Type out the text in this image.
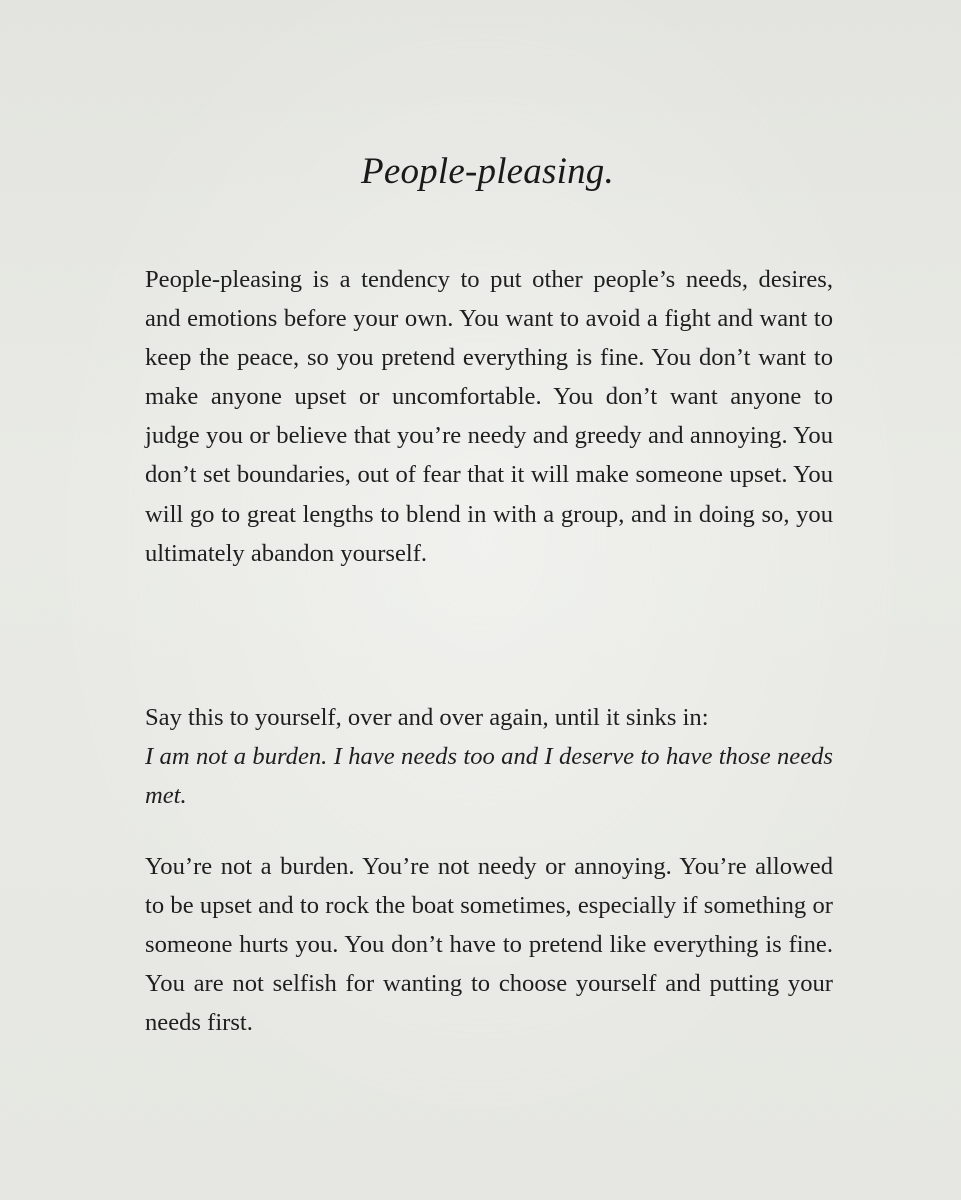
People-pleasing.
People-pleasing is a tendency to put other people’s needs, desires, and emotions before your own. You want to avoid a fight and want to keep the peace, so you pretend everything is fine. You don’t want to make anyone upset or uncomfortable. You don’t want anyone to judge you or believe that you’re needy and greedy and annoying. You don’t set boundaries, out of fear that it will make someone upset. You will go to great lengths to blend in with a group, and in doing so, you ultimately abandon yourself.
Say this to yourself, over and over again, until it sinks in:
I am not a burden. I have needs too and I deserve to have those needs met.
You’re not a burden. You’re not needy or annoying. You’re allowed to be upset and to rock the boat sometimes, especially if something or someone hurts you. You don’t have to pretend like everything is fine. You are not selfish for wanting to choose yourself and putting your needs first.
